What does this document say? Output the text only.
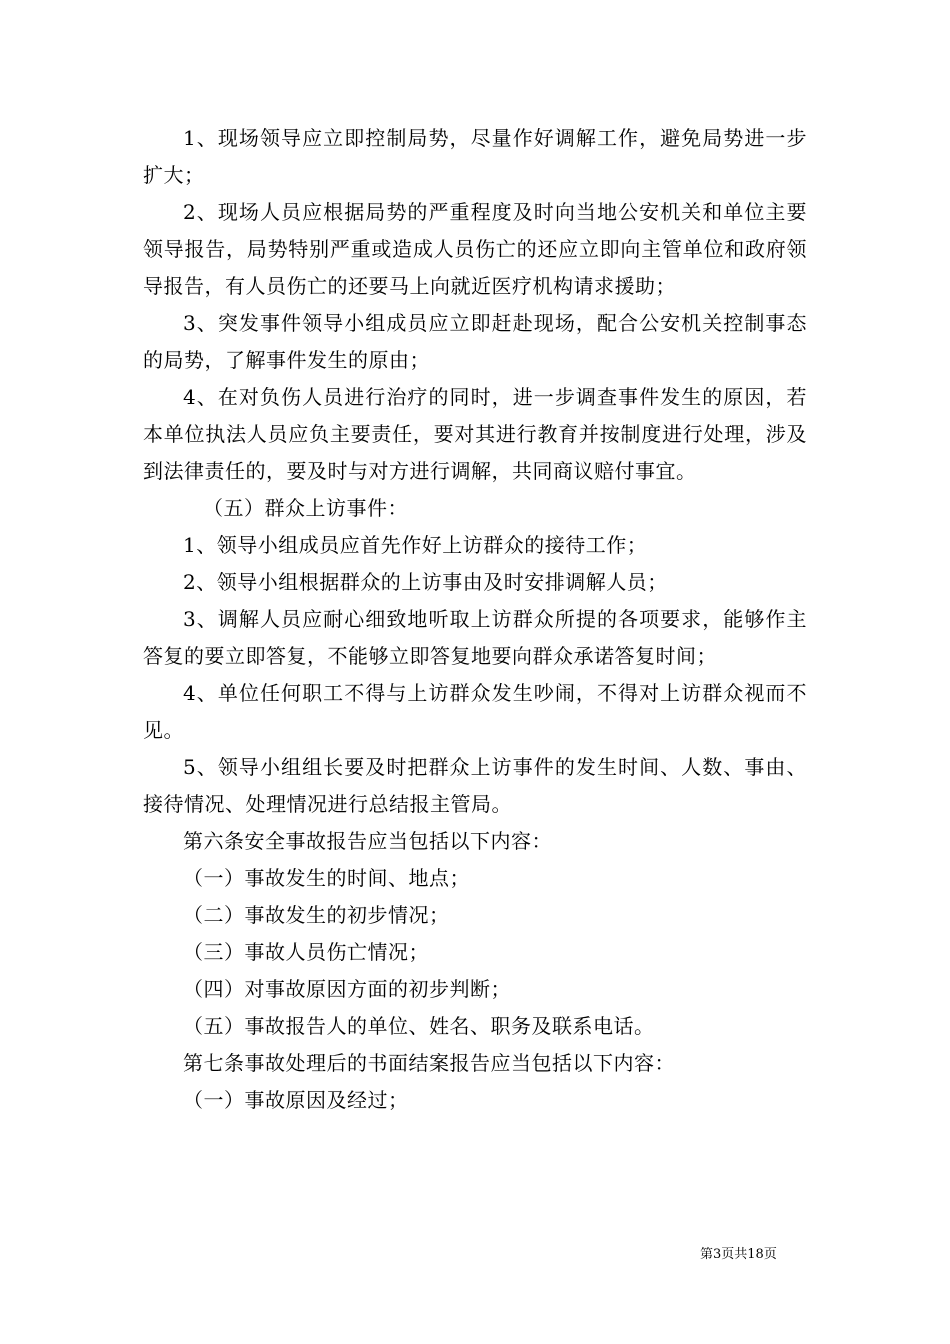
1、现场领导应立即控制局势，尽量作好调解工作，避免局势进一步扩大；

2、现场人员应根据局势的严重程度及时向当地公安机关和单位主要领导报告，局势特别严重或造成人员伤亡的还应立即向主管单位和政府领导报告，有人员伤亡的还要马上向就近医疗机构请求援助；

3、突发事件领导小组成员应立即赶赴现场，配合公安机关控制事态的局势，了解事件发生的原由；

4、在对负伤人员进行治疗的同时，进一步调查事件发生的原因，若本单位执法人员应负主要责任，要对其进行教育并按制度进行处理，涉及到法律责任的，要及时与对方进行调解，共同商议赔付事宜。

（五）群众上访事件：

1、领导小组成员应首先作好上访群众的接待工作；

2、领导小组根据群众的上访事由及时安排调解人员；

3、调解人员应耐心细致地听取上访群众所提的各项要求，能够作主答复的要立即答复，不能够立即答复地要向群众承诺答复时间；

4、单位任何职工不得与上访群众发生吵闹，不得对上访群众视而不见。

5、领导小组组长要及时把群众上访事件的发生时间、人数、事由、接待情况、处理情况进行总结报主管局。

第六条安全事故报告应当包括以下内容：

（一）事故发生的时间、地点；

（二）事故发生的初步情况；

（三）事故人员伤亡情况；

（四）对事故原因方面的初步判断；

（五）事故报告人的单位、姓名、职务及联系电话。

第七条事故处理后的书面结案报告应当包括以下内容：

（一）事故原因及经过；

第3页共18页
